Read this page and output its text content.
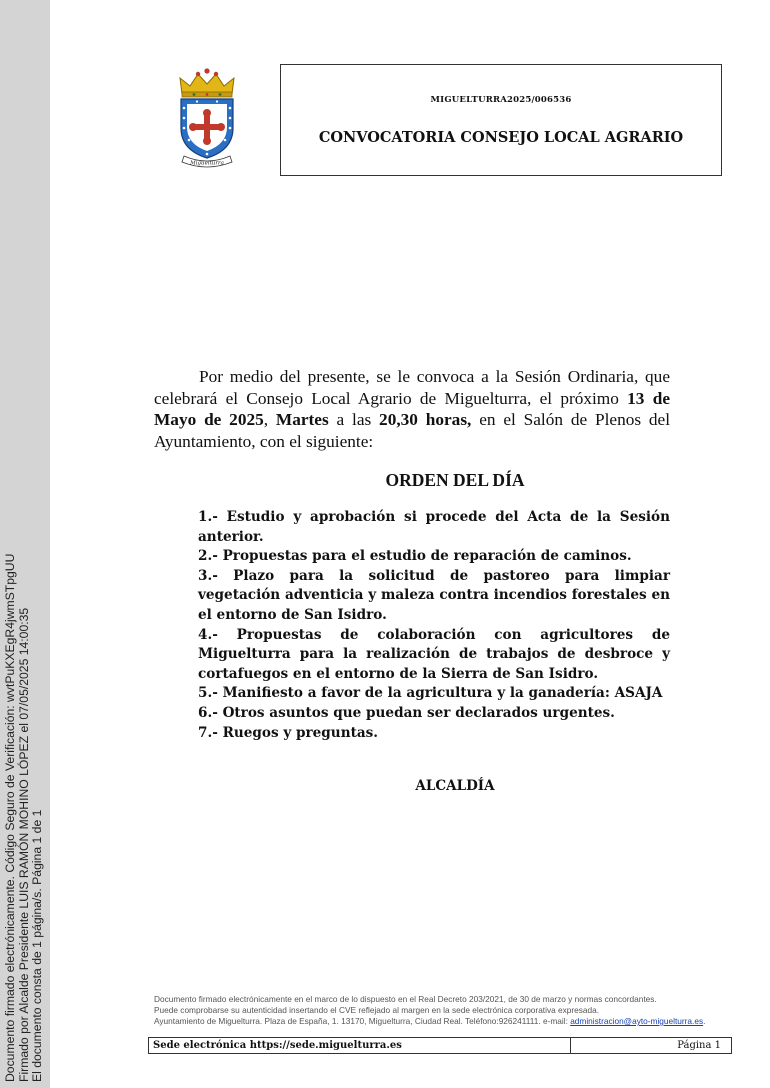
Documento firmado electrónicamente. Código Seguro de Verificación: wvtPuKXEgR4jwmSTpgUU Firmado por Alcalde Presidente LUIS RAMÓN MOHINO LÓPEZ el 07/05/2025 14:00:35 El documento consta de 1 página/s. Página 1 de 1
Miguelturra
MIGUELTURRA2025/006536
CONVOCATORIA CONSEJO LOCAL AGRARIO

Por medio del presente, se le convoca a la Sesión Ordinaria, que celebrará el Consejo Local Agrario de Miguelturra, el próximo 13 de Mayo de 2025, Martes a las 20,30 horas, en el Salón de Plenos del Ayuntamiento, con el siguiente:

ORDEN DEL DÍA
1.- Estudio y aprobación si procede del Acta de la Sesión anterior.
2.- Propuestas para el estudio de reparación de caminos.
3.- Plazo para la solicitud de pastoreo para limpiar vegetación adventicia y maleza contra incendios forestales en el entorno de San Isidro.
4.- Propuestas de colaboración con agricultores de Miguelturra para la realización de trabajos de desbroce y cortafuegos en el entorno de la Sierra de San Isidro.
5.- Manifiesto a favor de la agricultura y la ganadería: ASAJA
6.- Otros asuntos que puedan ser declarados urgentes.
7.- Ruegos y preguntas.
ALCALDÍA
Documento firmado electrónicamente en el marco de lo dispuesto en el Real Decreto 203/2021, de 30 de marzo y normas concordantes.
Puede comprobarse su autenticidad insertando el CVE reflejado al margen en la sede electrónica corporativa expresada.
Ayuntamiento de Miguelturra. Plaza de España, 1. 13170, Miguelturra, Ciudad Real. Teléfono:926241111. e-mail: administracion@ayto-miguelturra.es.
Sede electrónica https://sede.miguelturra.es	Página 1
